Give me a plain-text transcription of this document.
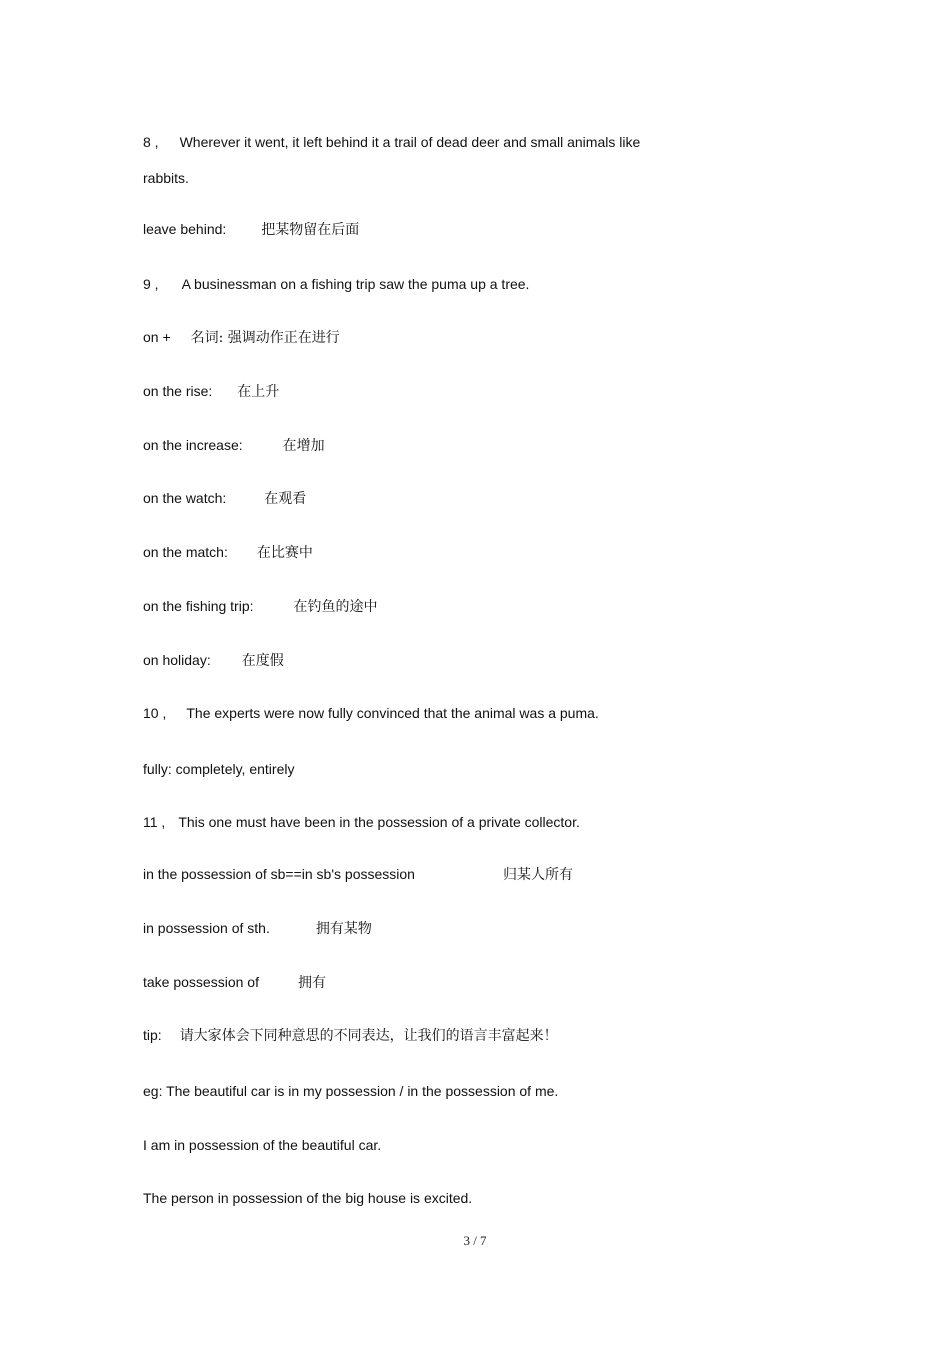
8 , Wherever it went, it left behind it a trail of dead deer and small animals like
rabbits.
leave behind:	把某物留在后面
9 , A businessman on a fishing trip saw the puma up a tree.
on + 名词: 强调动作正在进行
on the rise: 在上升
on the increase:	在增加
on the watch:	在观看
on the match: 在比赛中
on the fishing trip:	在钓鱼的途中
on holiday: 在度假
10 , The experts were now fully convinced that the animal was a puma.
fully: completely, entirely
11 , This one must have been in the possession of a private collector.
in the possession of sb==in sb's possession	归某人所有
in possession of sth.	拥有某物
take possession of	拥有
tip: 请大家体会下同种意思的不同表达，让我们的语言丰富起来！
eg: The beautiful car is in my possession / in the possession of me.
I am in possession of the beautiful car.
The person in possession of the big house is excited.
3 / 7
